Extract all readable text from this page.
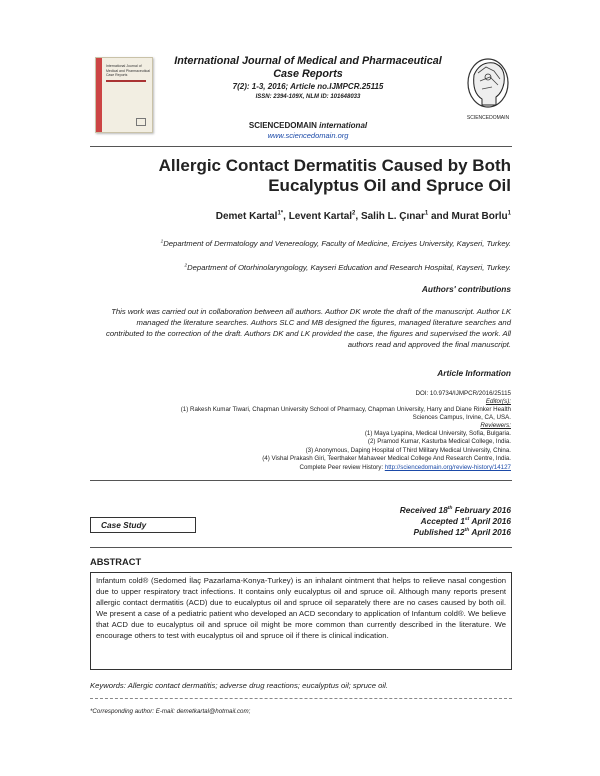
International Journal of Medical and Pharmaceutical Case Reports
International Journal of Medical and Pharmaceutical Case Reports
7(2): 1-3, 2016; Article no.IJMPCR.25115
ISSN: 2394-109X, NLM ID: 101648033
SCIENCEDOMAIN international
www.sciencedomain.org
SCIENCEDOMAIN
Allergic Contact Dermatitis Caused by Both
Eucalyptus Oil and Spruce Oil
Demet Kartal$^{1*}$, Levent Kartal$^2$, Salih L. Çınar$^1$ and Murat Borlu$^1$
$^1$Department of Dermatology and Venereology, Faculty of Medicine, Erciyes University, Kayseri, Turkey.
$^2$Department of Otorhinolaryngology, Kayseri Education and Research Hospital, Kayseri, Turkey.
Authors' contributions
This work was carried out in collaboration between all authors. Author DK wrote the draft of the manuscript. Author LK managed the literature searches. Authors SLC and MB designed the figures, managed literature searches and contributed to the correction of the draft. Authors DK and LK provided the case, the figures and supervised the work. All authors read and approved the final manuscript.
Article Information
DOI: 10.9734/IJMPCR/2016/25115
Editor(s):
(1) Rakesh Kumar Tiwari, Chapman University School of Pharmacy, Chapman University, Harry and Diane Rinker Health
Sciences Campus, Irvine, CA, USA.
Reviewers:
(1) Maya Lyapina, Medical University, Sofia, Bulgaria.
(2) Pramod Kumar, Kasturba Medical College, India.
(3) Anonymous, Daping Hospital of Third Military Medical University, China.
(4) Vishal Prakash Giri, Teerthaker Mahaveer Medical College And Research Centre, India.
Complete Peer review History: http://sciencedomain.org/review-history/14127
Received 18th February 2016
Accepted 1st April 2016
Published 12th April 2016
Case Study
ABSTRACT
Infantum cold® (Sedomed İlaç Pazarlama-Konya-Turkey) is an inhalant ointment that helps to relieve nasal congestion due to upper respiratory tract infections. It contains only eucalyptus oil and spruce oil. Although many reports present allergic contact dermatitis (ACD) due to eucalyptus oil and spruce oil separately there are no cases caused by both oil. We present a case of a pediatric patient who developed an ACD secondary to application of Infantum cold®. We believe that ACD due to eucalyptus oil and spruce oil might be more common than currently described in the literature. We encourage others to test with eucalyptus oil and spruce oil if there is clinical indication.
Keywords: Allergic contact dermatitis; adverse drug reactions; eucalyptus oil; spruce oil.
*Corresponding author: E-mail: demetkartal@hotmail.com;
